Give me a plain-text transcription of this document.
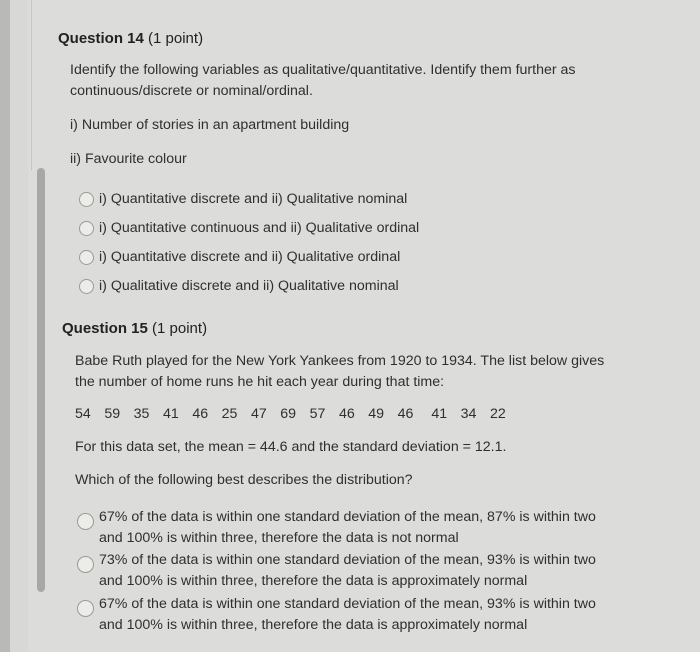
Question 14 (1 point)
Identify the following variables as qualitative/quantitative. Identify them further as
continuous/discrete or nominal/ordinal.
i) Number of stories in an apartment building
ii) Favourite colour
i) Quantitative discrete and ii) Qualitative nominal
i) Quantitative continuous and ii) Qualitative ordinal
i) Quantitative discrete and ii) Qualitative ordinal
i) Qualitative discrete and ii) Qualitative nominal
Question 15 (1 point)
Babe Ruth played for the New York Yankees from 1920 to 1934. The list below gives
the number of home runs he hit each year during that time:
54 59 35 41 46 25 47 69 57 46 49 46 41 34 22
For this data set, the mean = 44.6 and the standard deviation = 12.1.
Which of the following best describes the distribution?
67% of the data is within one standard deviation of the mean, 87% is within two
and 100% is within three, therefore the data is not normal
73% of the data is within one standard deviation of the mean, 93% is within two
and 100% is within three, therefore the data is approximately normal
67% of the data is within one standard deviation of the mean, 93% is within two
and 100% is within three, therefore the data is approximately normal
